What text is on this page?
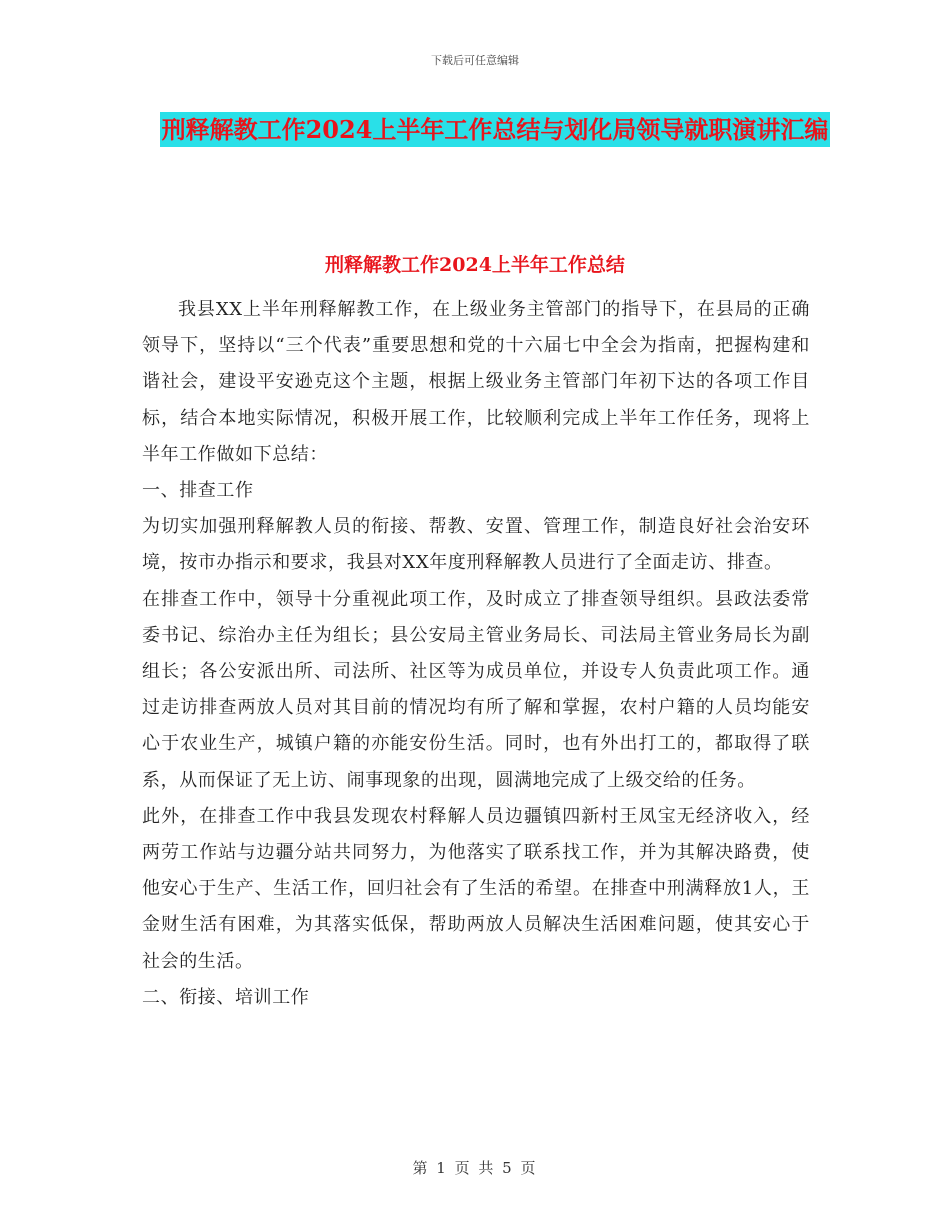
下载后可任意编辑
刑释解教工作2024上半年工作总结与划化局领导就职演讲汇编
刑释解教工作2024上半年工作总结

我县XX上半年刑释解教工作，在上级业务主管部门的指导下，在县局的正确领导下，坚持以“三个代表”重要思想和党的十六届七中全会为指南，把握构建和谐社会，建设平安逊克这个主题，根据上级业务主管部门年初下达的各项工作目标，结合本地实际情况，积极开展工作，比较顺利完成上半年工作任务，现将上半年工作做如下总结：

一、排查工作

为切实加强刑释解教人员的衔接、帮教、安置、管理工作，制造良好社会治安环境，按市办指示和要求，我县对XX年度刑释解教人员进行了全面走访、排查。

在排查工作中，领导十分重视此项工作，及时成立了排查领导组织。县政法委常委书记、综治办主任为组长；县公安局主管业务局长、司法局主管业务局长为副组长；各公安派出所、司法所、社区等为成员单位，并设专人负责此项工作。通过走访排查两放人员对其目前的情况均有所了解和掌握，农村户籍的人员均能安心于农业生产，城镇户籍的亦能安份生活。同时，也有外出打工的，都取得了联系，从而保证了无上访、闹事现象的出现，圆满地完成了上级交给的任务。

此外，在排查工作中我县发现农村释解人员边疆镇四新村王凤宝无经济收入，经两劳工作站与边疆分站共同努力，为他落实了联系找工作，并为其解决路费，使他安心于生产、生活工作，回归社会有了生活的希望。在排查中刑满释放1人，王金财生活有困难，为其落实低保，帮助两放人员解决生活困难问题，使其安心于社会的生活。

二、衔接、培训工作

第 1 页 共 5 页
